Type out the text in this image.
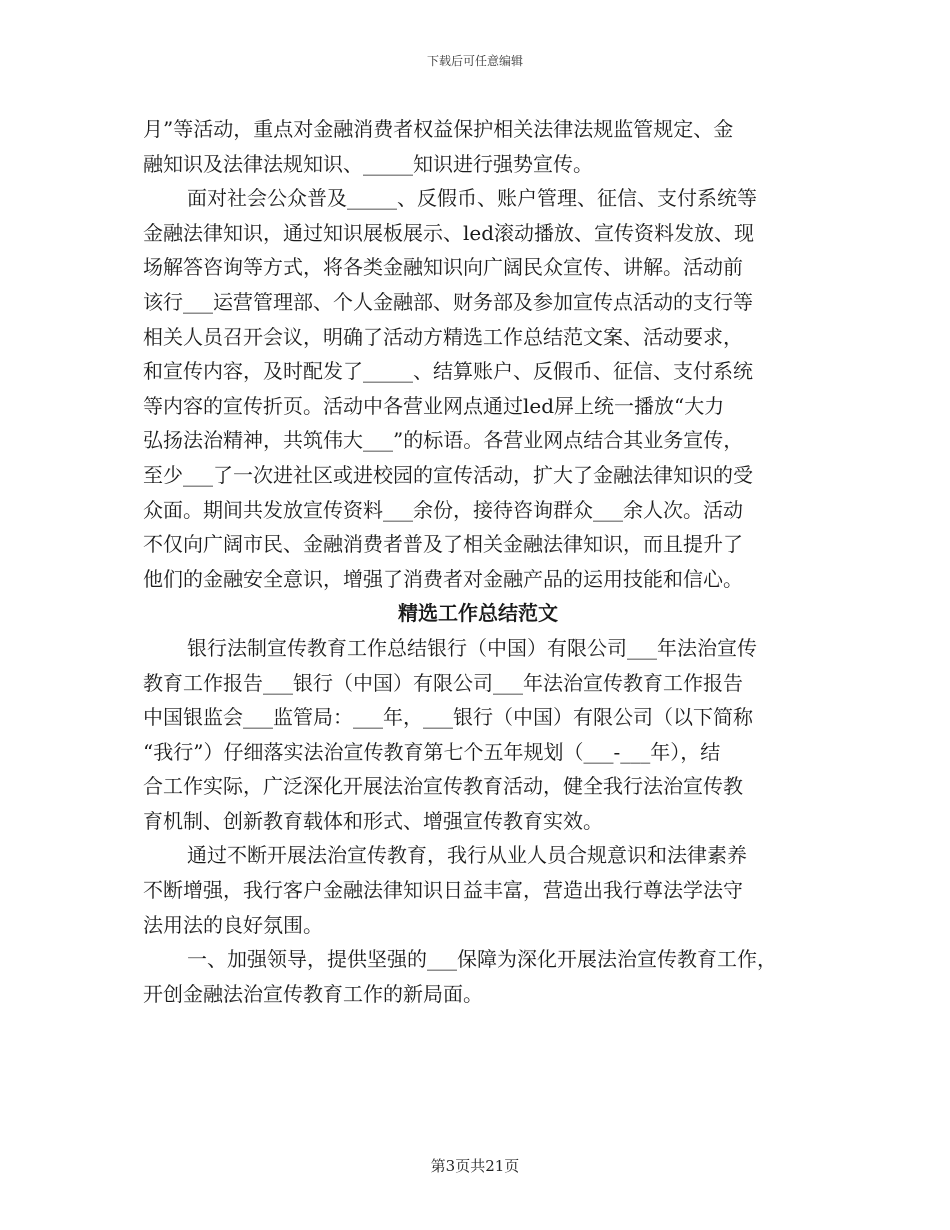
下载后可任意编辑
月”等活动，重点对金融消费者权益保护相关法律法规监管规定、金
融知识及法律法规知识、_____知识进行强势宣传。
面对社会公众普及_____、反假币、账户管理、征信、支付系统等
金融法律知识，通过知识展板展示、led滚动播放、宣传资料发放、现
场解答咨询等方式，将各类金融知识向广阔民众宣传、讲解。活动前
该行___运营管理部、个人金融部、财务部及参加宣传点活动的支行等
相关人员召开会议，明确了活动方精选工作总结范文案、活动要求，
和宣传内容，及时配发了_____、结算账户、反假币、征信、支付系统
等内容的宣传折页。活动中各营业网点通过led屏上统一播放“大力
弘扬法治精神，共筑伟大___”的标语。各营业网点结合其业务宣传，
至少___了一次进社区或进校园的宣传活动，扩大了金融法律知识的受
众面。期间共发放宣传资料___余份，接待咨询群众___余人次。活动
不仅向广阔市民、金融消费者普及了相关金融法律知识，而且提升了
他们的金融安全意识，增强了消费者对金融产品的运用技能和信心。
精选工作总结范文
银行法制宣传教育工作总结银行（中国）有限公司___年法治宣传
教育工作报告___银行（中国）有限公司___年法治宣传教育工作报告
中国银监会___监管局：___年，___银行（中国）有限公司（以下简称
“我行”）仔细落实法治宣传教育第七个五年规划（___-___年），结
合工作实际，广泛深化开展法治宣传教育活动，健全我行法治宣传教
育机制、创新教育载体和形式、增强宣传教育实效。
通过不断开展法治宣传教育，我行从业人员合规意识和法律素养
不断增强，我行客户金融法律知识日益丰富，营造出我行尊法学法守
法用法的良好氛围。
一、加强领导，提供坚强的___保障为深化开展法治宣传教育工作，
开创金融法治宣传教育工作的新局面。
第3页共21页
